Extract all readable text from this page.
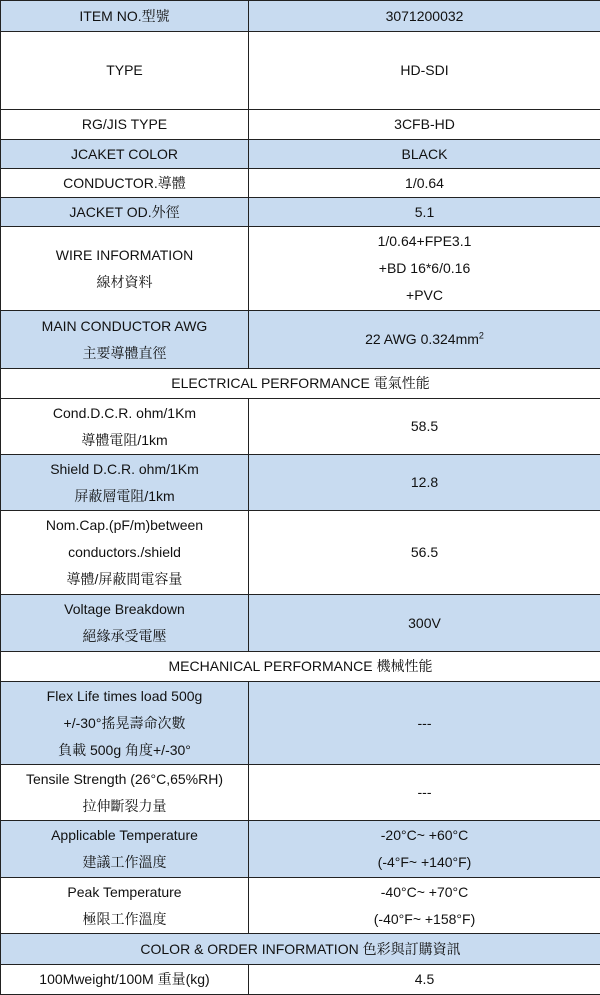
ITEM NO.型號	3071200032
TYPE	HD-SDI
RG/JIS TYPE	3CFB-HD
JCAKET COLOR	BLACK
CONDUCTOR.導體	1/0.64
JACKET OD.外徑	5.1

WIRE INFORMATION
線材資料	1/0.64+FPE3.1
+BD 16*6/0.16
+PVC

MAIN CONDUCTOR AWG
主要導體直徑	22 AWG $0.324mm^2$
ELECTRICAL PERFORMANCE 電氣性能	

Cond.D.C.R. ohm/1Km
導體電阻/1km	58.5

Shield D.C.R. ohm/1Km
屏蔽層電阻/1km	12.8

Nom.Cap.(pF/m)between
conductors./shield
導體/屏蔽間電容量	56.5

Voltage Breakdown
絕緣承受電壓	300V
MECHANICAL PERFORMANCE 機械性能	

Flex Life times load 500g
+/-30°搖晃壽命次數
負載 500g 角度+/-30°	---

Tensile Strength (26°C,65%RH)
拉伸斷裂力量	---

Applicable Temperature
建議工作溫度	-20°C~ +60°C
(-4°F~ +140°F)

Peak Temperature
極限工作溫度	-40°C~ +70°C
(-40°F~ +158°F)

COLOR & ORDER INFORMATION 色彩與訂購資訊	
100Mweight/100M 重量(kg)	4.5
